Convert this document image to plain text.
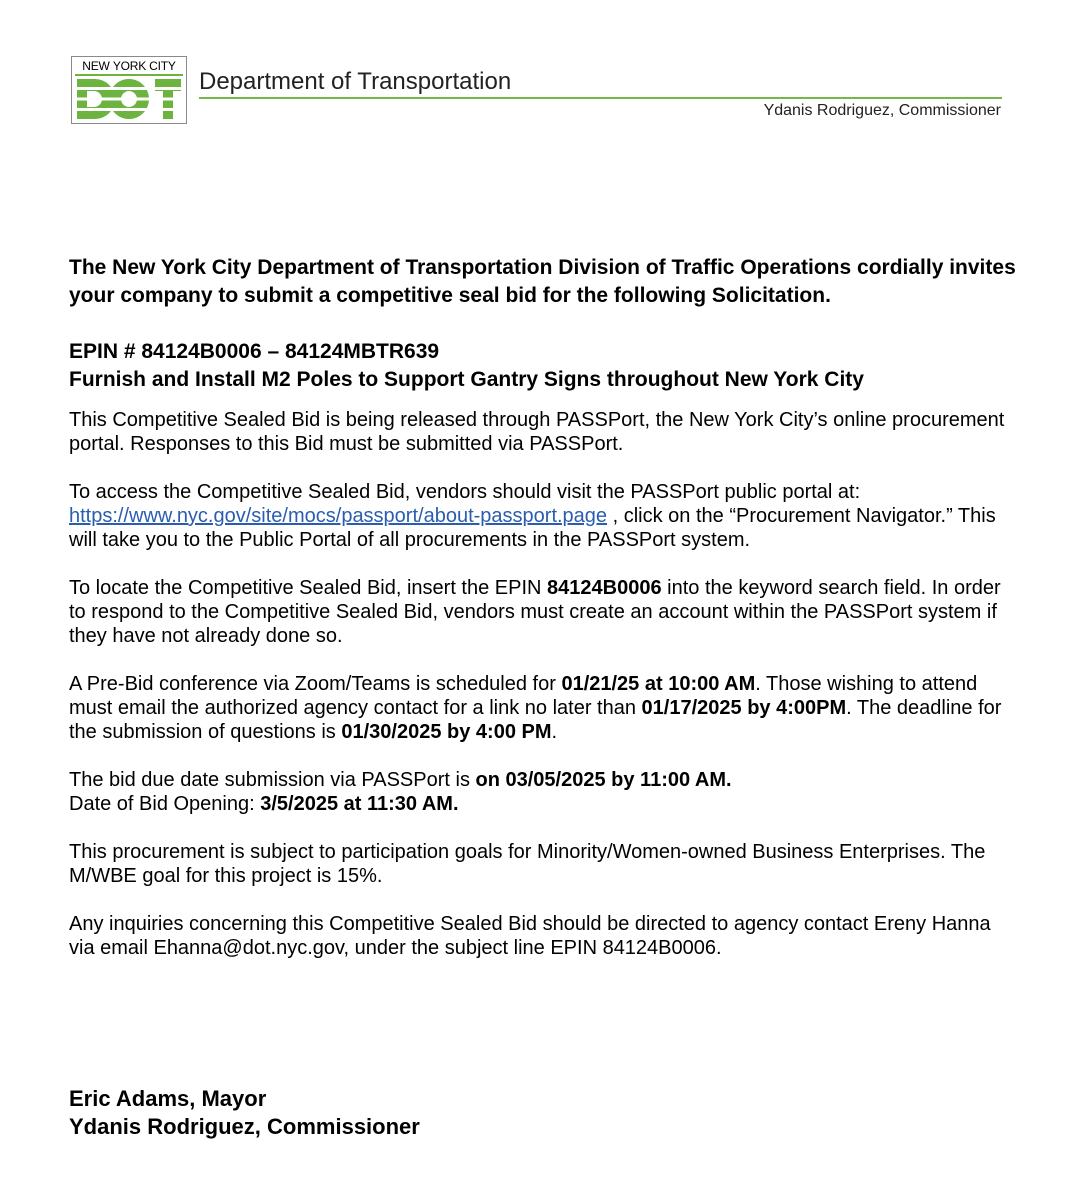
NEW YORK CITY
Department of Transportation
Ydanis Rodriguez, Commissioner

The New York City Department of Transportation Division of Traffic Operations cordially invites your company to submit a competitive seal bid for the following Solicitation.

EPIN # 84124B0006 – 84124MBTR639

Furnish and Install M2 Poles to Support Gantry Signs throughout New York City

This Competitive Sealed Bid is being released through PASSPort, the New York City’s online procurement portal. Responses to this Bid must be submitted via PASSPort.

To access the Competitive Sealed Bid, vendors should visit the PASSPort public portal at:
https://www.nyc.gov/site/mocs/passport/about-passport.page , click on the “Procurement Navigator.” This will take you to the Public Portal of all procurements in the PASSPort system.

To locate the Competitive Sealed Bid, insert the EPIN 84124B0006 into the keyword search field. In order to respond to the Competitive Sealed Bid, vendors must create an account within the PASSPort system if they have not already done so.

A Pre-Bid conference via Zoom/Teams is scheduled for 01/21/25 at 10:00 AM. Those wishing to attend must email the authorized agency contact for a link no later than 01/17/2025 by 4:00PM. The deadline for the submission of questions is 01/30/2025 by 4:00 PM.

The bid due date submission via PASSPort is on 03/05/2025 by 11:00 AM.
Date of Bid Opening: 3/5/2025 at 11:30 AM.

This procurement is subject to participation goals for Minority/Women-owned Business Enterprises. The M/WBE goal for this project is 15%.

Any inquiries concerning this Competitive Sealed Bid should be directed to agency contact Ereny Hanna via email Ehanna@dot.nyc.gov, under the subject line EPIN 84124B0006.

Eric Adams, Mayor
Ydanis Rodriguez, Commissioner
